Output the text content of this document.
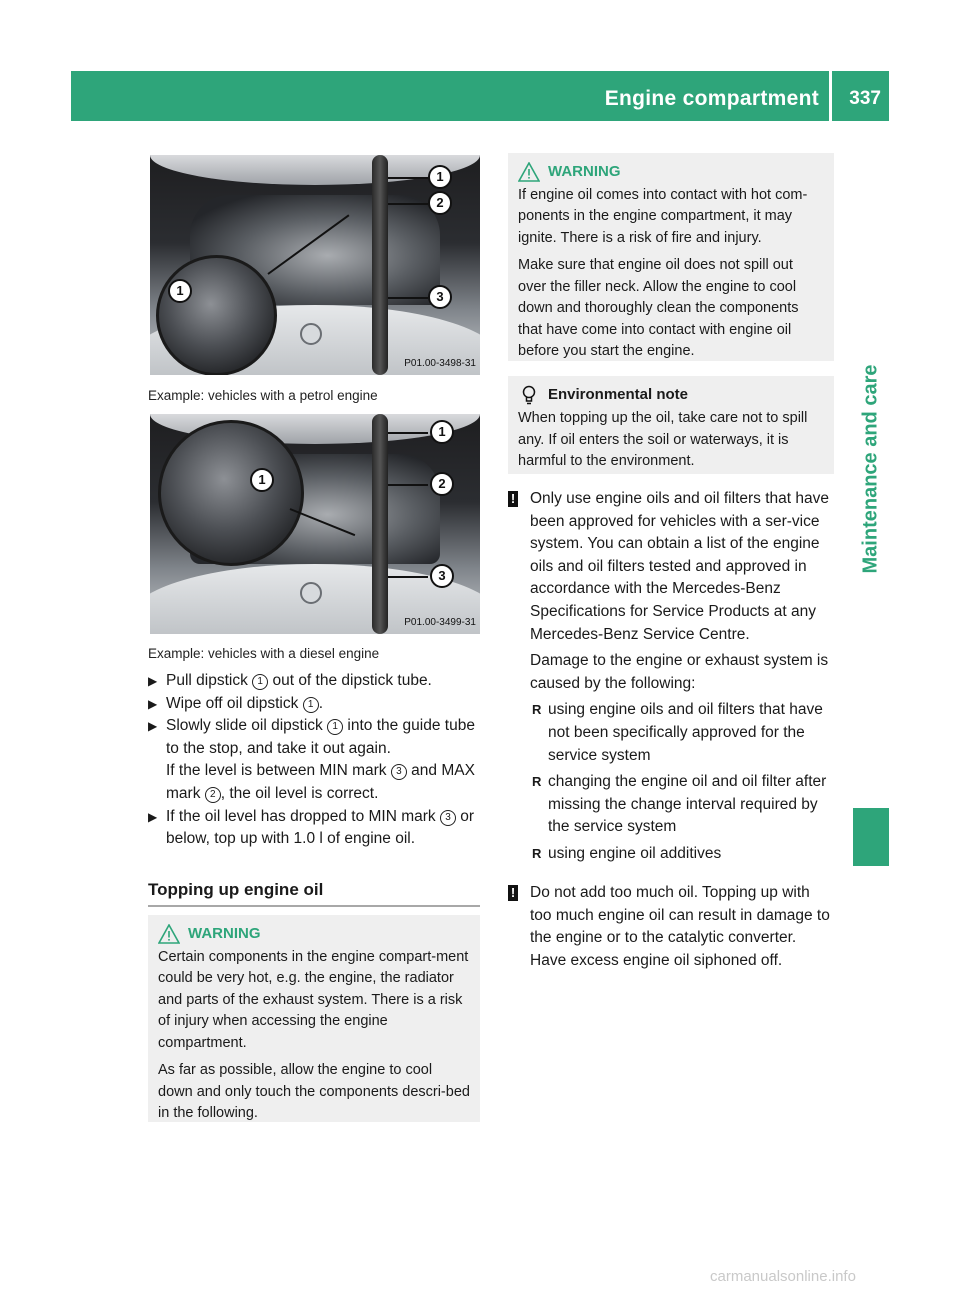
Engine compartment 337
Maintenance and care
1
2
3
1
P01.00-3498-31
Example: vehicles with a petrol engine
1
2
3
1
P01.00-3499-31
Example: vehicles with a diesel engine
▶ Pull dipstick 1 out of the dipstick tube.
▶ Wipe off oil dipstick 1 .
▶ Slowly slide oil dipstick 1 into the guide tube to the stop, and take it out again.
If the level is between MIN mark 3 and MAX mark 2 , the oil level is correct.
▶ If the oil level has dropped to MIN mark 3 or below, top up with 1.0 l of engine oil.
Topping up engine oil
WARNING

Certain components in the engine compart-ment could be very hot, e.g. the engine, the radiator and parts of the exhaust system. There is a risk of injury when accessing the engine compartment.

As far as possible, allow the engine to cool down and only touch the components descri-bed in the following.

WARNING

If engine oil comes into contact with hot com-ponents in the engine compartment, it may ignite. There is a risk of fire and injury.

Make sure that engine oil does not spill out over the filler neck. Allow the engine to cool down and thoroughly clean the components that have come into contact with engine oil before you start the engine.

Environmental note

When topping up the oil, take care not to spill any. If oil enters the soil or waterways, it is harmful to the environment.

! Only use engine oils and oil filters that have been approved for vehicles with a ser-vice system. You can obtain a list of the engine oils and oil filters tested and approved in accordance with the Mercedes-Benz Specifications for Service Products at any Mercedes-Benz Service Centre.

Damage to the engine or exhaust system is caused by the following:

R using engine oils and oil filters that have not been specifically approved for the service system
R changing the engine oil and oil filter after missing the change interval required by the service system
R using engine oil additives
! Do not add too much oil. Topping up with too much engine oil can result in damage to the engine or to the catalytic converter. Have excess engine oil siphoned off.

carmanualsonline.info
